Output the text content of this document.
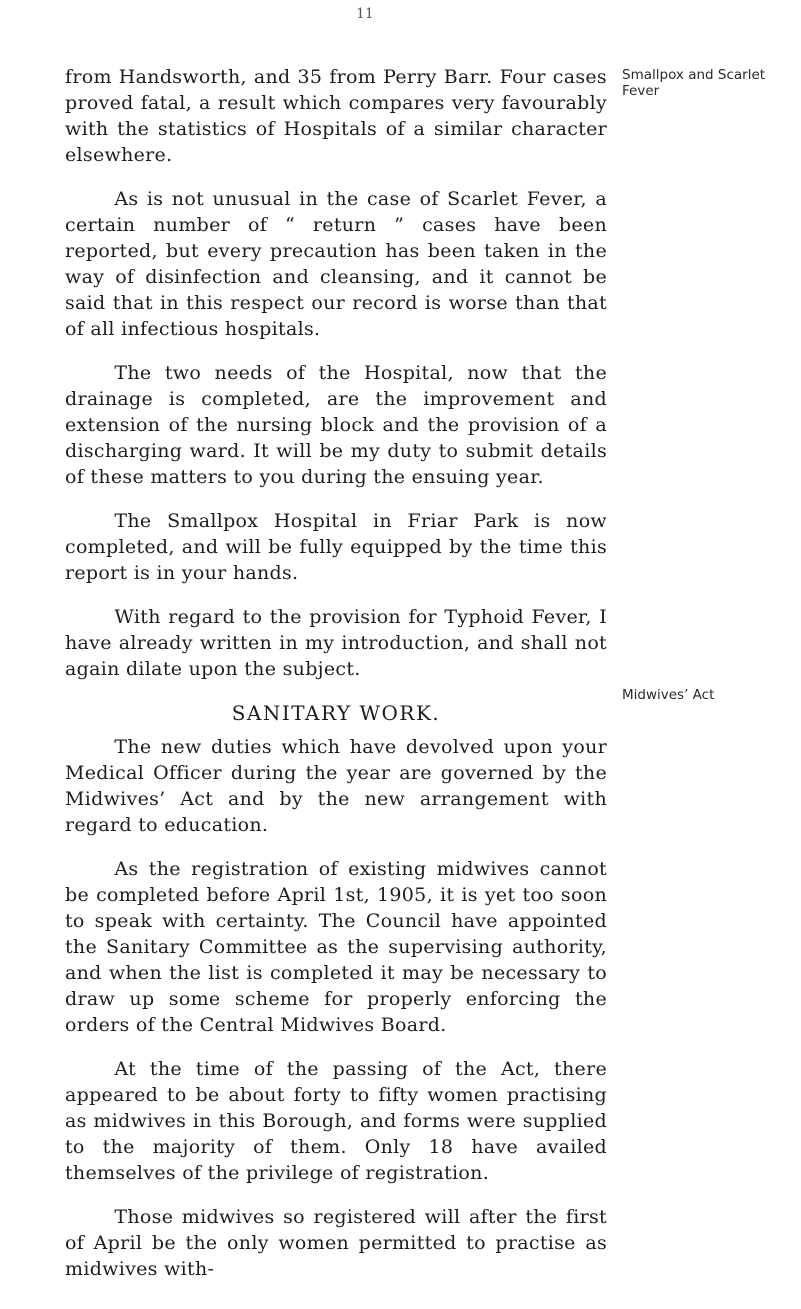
11
Smallpox and Scarlet Fever
Midwives’ Act

from Handsworth, and 35 from Perry Barr. Four cases proved fatal, a result which compares very favourably with the statistics of Hospitals of a similar character elsewhere.

As is not unusual in the case of Scarlet Fever, a certain number of “ return ” cases have been reported, but every precaution has been taken in the way of disinfection and cleansing, and it cannot be said that in this respect our record is worse than that of all infectious hospitals.

The two needs of the Hospital, now that the drainage is completed, are the improvement and extension of the nursing block and the provision of a discharging ward. It will be my duty to submit details of these matters to you during the ensuing year.

The Smallpox Hospital in Friar Park is now completed, and will be fully equipped by the time this report is in your hands.

With regard to the provision for Typhoid Fever, I have already written in my introduction, and shall not again dilate upon the subject.

SANITARY WORK.

The new duties which have devolved upon your Medical Officer during the year are governed by the Midwives’ Act and by the new arrangement with regard to education.

As the registration of existing midwives cannot be completed before April 1st, 1905, it is yet too soon to speak with certainty. The Council have appointed the Sanitary Committee as the supervising authority, and when the list is completed it may be necessary to draw up some scheme for properly enforcing the orders of the Central Midwives Board.

At the time of the passing of the Act, there appeared to be about forty to fifty women practising as midwives in this Borough, and forms were supplied to the majority of them. Only 18 have availed themselves of the privilege of registration.

Those midwives so registered will after the first of April be the only women permitted to practise as midwives with-
